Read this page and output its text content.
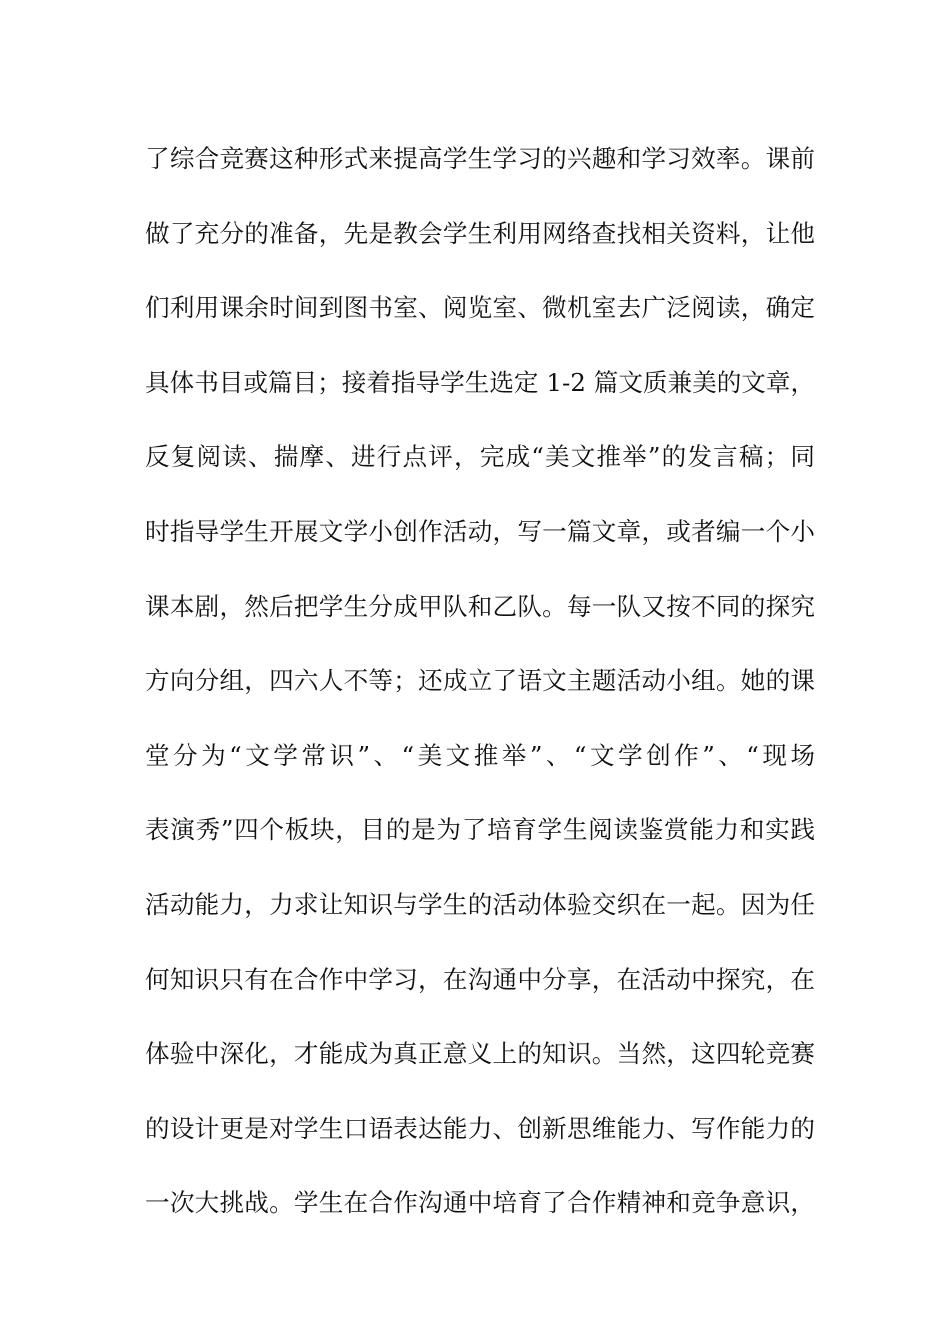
了综合竞赛这种形式来提高学生学习的兴趣和学习效率。课前
做了充分的准备，先是教会学生利用网络查找相关资料，让他
们利用课余时间到图书室、阅览室、微机室去广泛阅读，确定
具体书目或篇目；接着指导学生选定 1-2 篇文质兼美的文章，
反复阅读、揣摩、进行点评，完成“美文推举”的发言稿；同
时指导学生开展文学小创作活动，写一篇文章，或者编一个小
课本剧，然后把学生分成甲队和乙队。每一队又按不同的探究
方向分组，四六人不等；还成立了语文主题活动小组。她的课
堂分为“文学常识”、“美文推举”、“文学创作”、“现场
表演秀”四个板块，目的是为了培育学生阅读鉴赏能力和实践
活动能力，力求让知识与学生的活动体验交织在一起。因为任
何知识只有在合作中学习，在沟通中分享，在活动中探究，在
体验中深化，才能成为真正意义上的知识。当然，这四轮竞赛
的设计更是对学生口语表达能力、创新思维能力、写作能力的
一次大挑战。学生在合作沟通中培育了合作精神和竞争意识，
